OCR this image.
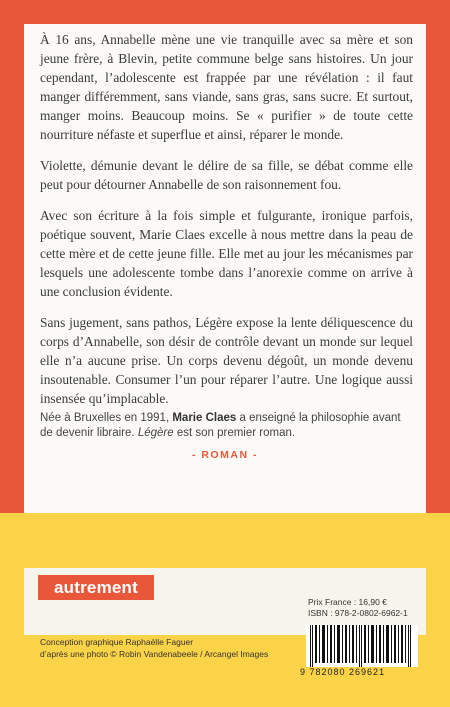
À 16 ans, Annabelle mène une vie tranquille avec sa mère et son jeune frère, à Blevin, petite commune belge sans histoires. Un jour cependant, l’adolescente est frappée par une révélation : il faut manger différemment, sans viande, sans gras, sans sucre. Et surtout, manger moins. Beaucoup moins. Se « purifier » de toute cette nourriture néfaste et superflue et ainsi, réparer le monde.

Violette, démunie devant le délire de sa fille, se débat comme elle peut pour détourner Annabelle de son raisonnement fou.

Avec son écriture à la fois simple et fulgurante, ironique parfois, poétique souvent, Marie Claes excelle à nous mettre dans la peau de cette mère et de cette jeune fille. Elle met au jour les mécanismes par lesquels une adolescente tombe dans l’anorexie comme on arrive à une conclusion évidente.

Sans jugement, sans pathos, Légère expose la lente déliquescence du corps d’Annabelle, son désir de contrôle devant un monde sur lequel elle n’a aucune prise. Un corps devenu dégoût, un monde devenu insoutenable. Consumer l’un pour réparer l’autre. Une logique aussi insensée qu’implacable.

Née à Bruxelles en 1991, Marie Claes a enseigné la philosophie avant de devenir libraire. Légère est son premier roman.
- ROMAN -
autrement
Prix France : 16,90 €
ISBN : 978-2-0802-6962-1
9 782080 269621
Conception graphique Raphaëlle Faguer
d’après une photo © Robin Vandenabeele / Arcangel Images
